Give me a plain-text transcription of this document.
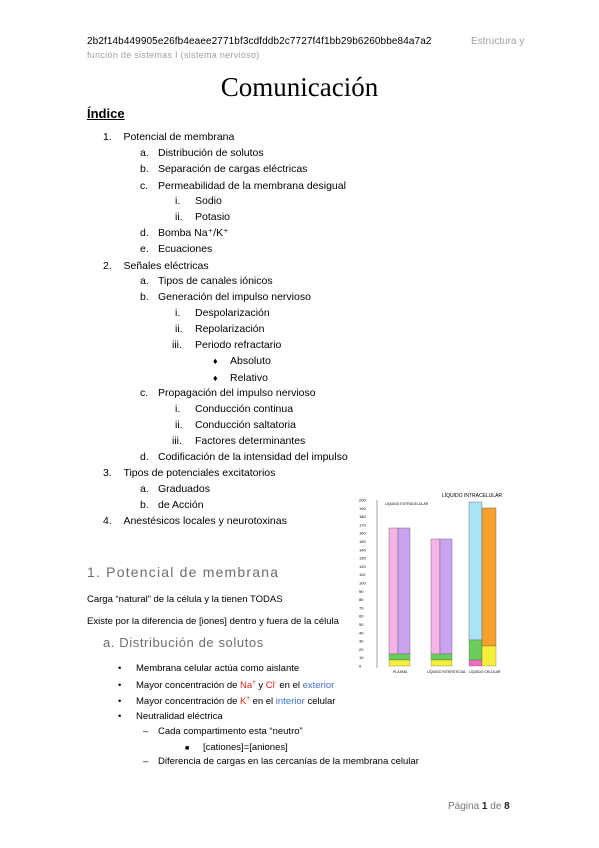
2b2f14b449905e26fb4eaee2771bf3cdfddb2c7727f4f1bb29b6260bbe84a7a2	Estructura y
función de sistemas I (sistema nervioso)
Comunicación
Índice
1. Potencial de membrana
a. Distribución de solutos
b. Separación de cargas eléctricas
c. Permeabilidad de la membrana desigual
i. Sodio
ii. Potasio
d. Bomba Na⁺/K⁺
e. Ecuaciones
2. Señales eléctricas
a. Tipos de canales iónicos
b. Generación del impulso nervioso
i. Despolarización
ii. Repolarización
iii. Periodo refractario
♦ Absoluto
♦ Relativo
c. Propagación del impulso nervioso
i. Conducción continua
ii. Conducción saltatoria
iii. Factores determinantes
d. Codificación de la intensidad del impulso
3. Tipos de potenciales excitatorios
a. Graduados
b. de Acción
4. Anestésicos locales y neurotoxinas
1. Potencial de membrana
Carga “natural” de la célula y la tienen TODAS
Existe por la diferencia de [iones] dentro y fuera de la célula
a. Distribución de solutos
• Membrana celular actúa como aislante
• Mayor concentración de Na+ y Cl- en el exterior
• Mayor concentración de K+ en el interior celular
• Neutralidad eléctrica
– Cada compartimento esta “neutro”
■ [cationes]=[aniones]
– Diferencia de cargas en las cercanías de la membrana celular
200
190
180
170
160
150
140
130
120
110
100
90
80
70
60
50
40
30
20
10
0
LÍQUIDO INTRACELULAR
LÍQUIDO EXTRACELULAR
PLASMA	LÍQUIDO INTERSTICIAL LÍQUIDO CELULAR
Página 1 de 8
